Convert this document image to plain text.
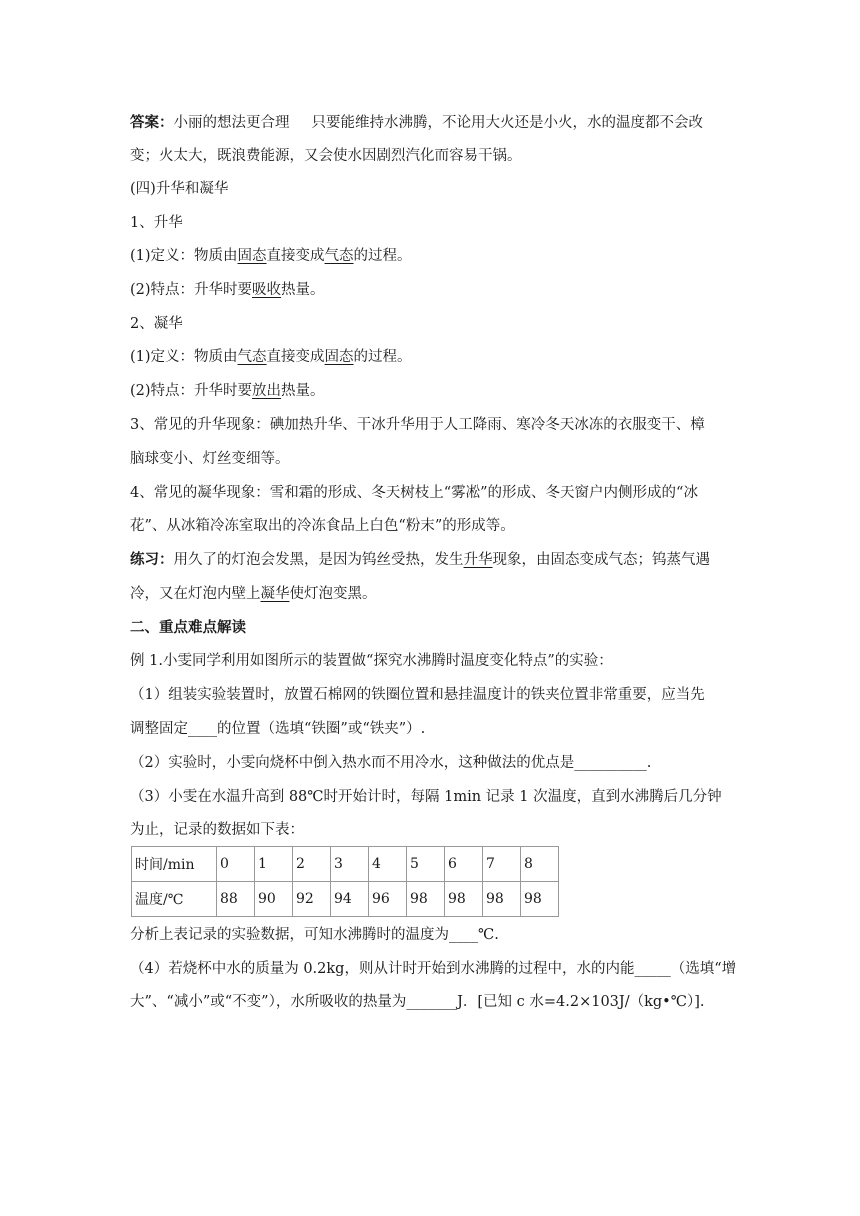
答案：小丽的想法更合理 只要能维持水沸腾，不论用大火还是小火，水的温度都不会改
变；火太大，既浪费能源，又会使水因剧烈汽化而容易干锅。
(四)升华和凝华
1、升华
(1)定义：物质由固态直接变成气态的过程。
(2)特点：升华时要吸收热量。
2、凝华
(1)定义：物质由气态直接变成固态的过程。
(2)特点：升华时要放出热量。
3、常见的升华现象：碘加热升华、干冰升华用于人工降雨、寒冷冬天冰冻的衣服变干、樟
脑球变小、灯丝变细等。
4、常见的凝华现象：雪和霜的形成、冬天树枝上“雾凇”的形成、冬天窗户内侧形成的“冰
花”、从冰箱冷冻室取出的冷冻食品上白色“粉末”的形成等。
练习：用久了的灯泡会发黑，是因为钨丝受热，发生升华现象，由固态变成气态；钨蒸气遇
冷，又在灯泡内壁上凝华使灯泡变黑。
二、重点难点解读
例 1.小雯同学利用如图所示的装置做“探究水沸腾时温度变化特点”的实验：
（1）组装实验装置时，放置石棉网的铁圈位置和悬挂温度计的铁夹位置非常重要，应当先
调整固定____的位置（选填“铁圈”或“铁夹”）.
（2）实验时，小雯向烧杯中倒入热水而不用冷水，这种做法的优点是__________.
（3）小雯在水温升高到 88℃时开始计时，每隔 1min 记录 1 次温度，直到水沸腾后几分钟
为止，记录的数据如下表：
时间/min	0	1	2	3	4	5	6	7	8
温度/℃	88	90	92	94	96	98	98	98	98
分析上表记录的实验数据，可知水沸腾时的温度为____℃.
（4）若烧杯中水的质量为 0.2kg，则从计时开始到水沸腾的过程中，水的内能_____（选填“增
大”、“减小”或“不变”），水所吸收的热量为_______J．[已知 c 水=4.2×103J/（kg•℃）].
